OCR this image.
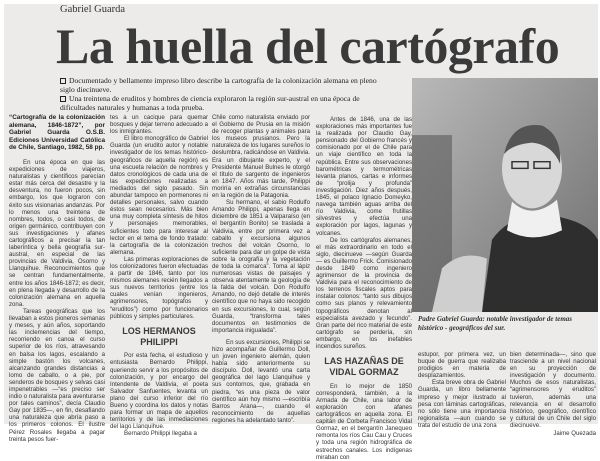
Gabriel Guarda
La huella del cartógrafo

Documentado y bellamente impreso libro describe la cartografía de la colonización alemana en pleno siglo diecinueve.

Una treintena de eruditos y hombres de ciencia exploraron la región sur-austral en una época de dificultades naturales y humanas a toda prueba.

“Cartografía de la colonización alemana, 1846-1872”, por Gabriel Guarda O.S.B. Ediciones Universidad Católica de Chile, Santiago, 1982, 58 pp.

En una época en que las expediciones de viajeros, naturalistas y científicos parecían estar más cerca del desastre y la desventura, no fueron pocos, sin embargo, los que lograron con éxito sus visionarias andanzas. Por lo menos una treintena de nombres, todos, o casi todos, de origen germánico, contribuyen con sus investigaciones y afanes cartográficos a precisar la tan laberíntica y bella geografía sur-austral, en especial de las provincias de Valdivia, Osorno y Llanquihue. Reconocimientos que se centran fundamentalmente, entre los años 1846-1872; es decir, en plena llegada y desarrollo de la colonización alemana en aquella zona.

Tareas geográficas que los llevaban a estos pioneros semanas y meses, y aún años, soportando las inclemencias del tiempo, recorriendo en canoa el curso superior de los ríos, atravesando en balsa los lagos, escalando a simple bastón los volcanes, alcanzando grandes distancias a lomo de caballo, o a pie, por senderos de bosques y selvas casi impenetrables —“es preciso ser indio o naturalista para aventurarse por tales caminos”, decía Claudio Gay por 1835—, en fin, desafiando una naturaleza que abría paso a los primeros colonos. El ilustre Pérez Rosales llegaba a pagar treinta pesos fuer-

tes a un cacique para quemar bosques y dejar terreno adecuado a los inmigrantes.

El libro monográfico de Gabriel Guarda (un erudito autor y notable investigador de los temas histórico-geográficos de aquella región) es una escueta relación de nombres y datos cronológicos de cada una de las expediciones realizadas a mediados del siglo pasado. Sin abundar tampoco en pormenores ni detalles personales, salvo cuando éstos sean necesarios. Más bien una muy completa síntesis de hitos y personajes memorables, suficientes todo para interesar al lector en el tema de fondo tratado: la cartografía de la colonización alemana.

Las primeras exploraciones de los colonizadores fueron efectuadas a partir de 1846, tanto por los mismos alemanes recién llegados a sus nuevos territorios (entre los cuales venían ingenieros, agrimensores, topógrafos y “eruditos”) como por funcionarios públicos y simples particulares.

LOS HERMANOS PHILIPPI

Por esta fecha, el estudioso y entusiasta Bernardo Philippi, queriendo servir a los propósitos de colonización, y por encargo del Intendente de Valdivia, el poeta Salvador Sanfuentes, levanta un plano del curso inferior del río Bueno y coordina los datos y notas para formar un mapa de aquellos territorios y de las inmediaciones del lago Llanquihue.

Bernardo Philippi llegaba a

Chile como naturalista enviado por el Gobierno de Prusia en la misión de recoger plantas y animales para los museos prusianos. Pero la naturaleza de los lugares sureños lo deslumbra, radicándose en Valdivia. Era un dibujante experto, y el Presidente Manuel Bulnes le otorgó el título de sargento de ingenieros en 1847. Años más tarde, Philippi moriría en extrañas circunstancias en la región de la Patagonia.

Su hermano, el sabio Rodulfo Amando Philippi, apenas llega en diciembre de 1851 a Valparaíso (en el bergantín Bonito) se traslada a Valdivia, entre por primera vez a caballo y excursiona algunos trechos del volcán Osorno, lo suficiente para dar un golpe de vista sobre la orografía y la vegetación de toda la comarca”. Toma al lápiz numerosas vistas de paisajes y observa atentamente la geología de la falda del volcán. Don Rodulfo Amando, no dejó detalle de interés científico que no haya sido recogido en sus excursiones, lo cual, según Guarda, “transforma tales documentos en testimonios de importancia inigualada”.

En sus excursiones, Philippi se hizo acompañar de Guillermo Doll, un joven ingeniero alemán, quien había sido anteriormente su discípulo. Doll, levantó una carta geográfica del lago Llanquihue y sus contornos, que, grabada en piedra, “es una pieza de valor científico aún hoy mismo —escribía Barros Arana—, cuando el reconocimiento de aquellas regiones ha adelantado tanto”.

Antes de 1846, una de las exploraciones más importantes fue la realizada por Claudio Gay, pensionado del Gobierno francés y comisionado por el de Chile para un viaje científico en toda la república. Entre sus observaciones barométricas y termométricas levanta planos, cartas e informes de “prolija y profunda” investigación. Diez años después, 1845, el polaco Ignacio Domeyko, navega también aguas arriba del río Valdivia, come frutillas silvestres y efectúa una exploración por lagos, lagunas y volcanes.

De los cartógrafos alemanes, el más extraordinario en todo el siglo, diecinueve —según Guarda— es Guillermo Frick. Comisionado desde 1849 como ingeniero agrimensor de la provincia de Valdivia para el reconocimiento de los terrenos fiscales aptos para instalar colonos: “tanto sus dibujos como sus planos y relevamiento topográficos denotan al especialista avezado y fecundo”. Gran parte del rico material de este cartógrafo se perdería, sin embargo, en los inefables incendios sureños.

LAS HAZAÑAS DE VIDAL GORMAZ

En lo mejor de 1850 corresponderá, también, a la Armada de Chile, una labor de exploración con afanes cartográficos en aquella zona. El capitán de Corbeta Francisco Vidal Gormaz, en el bergantín Janequeo remonta los ríos Cau Cau y Cruces y toda una región hidrográfica de estrechos canales. Los indígenas miraban con

Padre Gabriel Guarda: notable investigador de temas histórico - geográficos del sur.

estupor, por primera vez, un buque de guerra que realizaba prodigios en materia de desplazamientos.

Esta breve obra de Gabriel Guarda, un libro bellamente impreso y mejor ilustrado al pesa con láminas cartográficas, no sólo tiene una importancia regionalista —aun cuando se trata del estudio de una zona

bien determinada—, sino que trasciende a un nivel nacional en su proyección de investigación y documento. Muchos de esos naturalistas, “agrimensores y eruditos” tuvieron, además una relevancia en el desarrollo histórico, geográfico, científico y cultural de un Chile del siglo diecinueve.

Jaime Quezada
